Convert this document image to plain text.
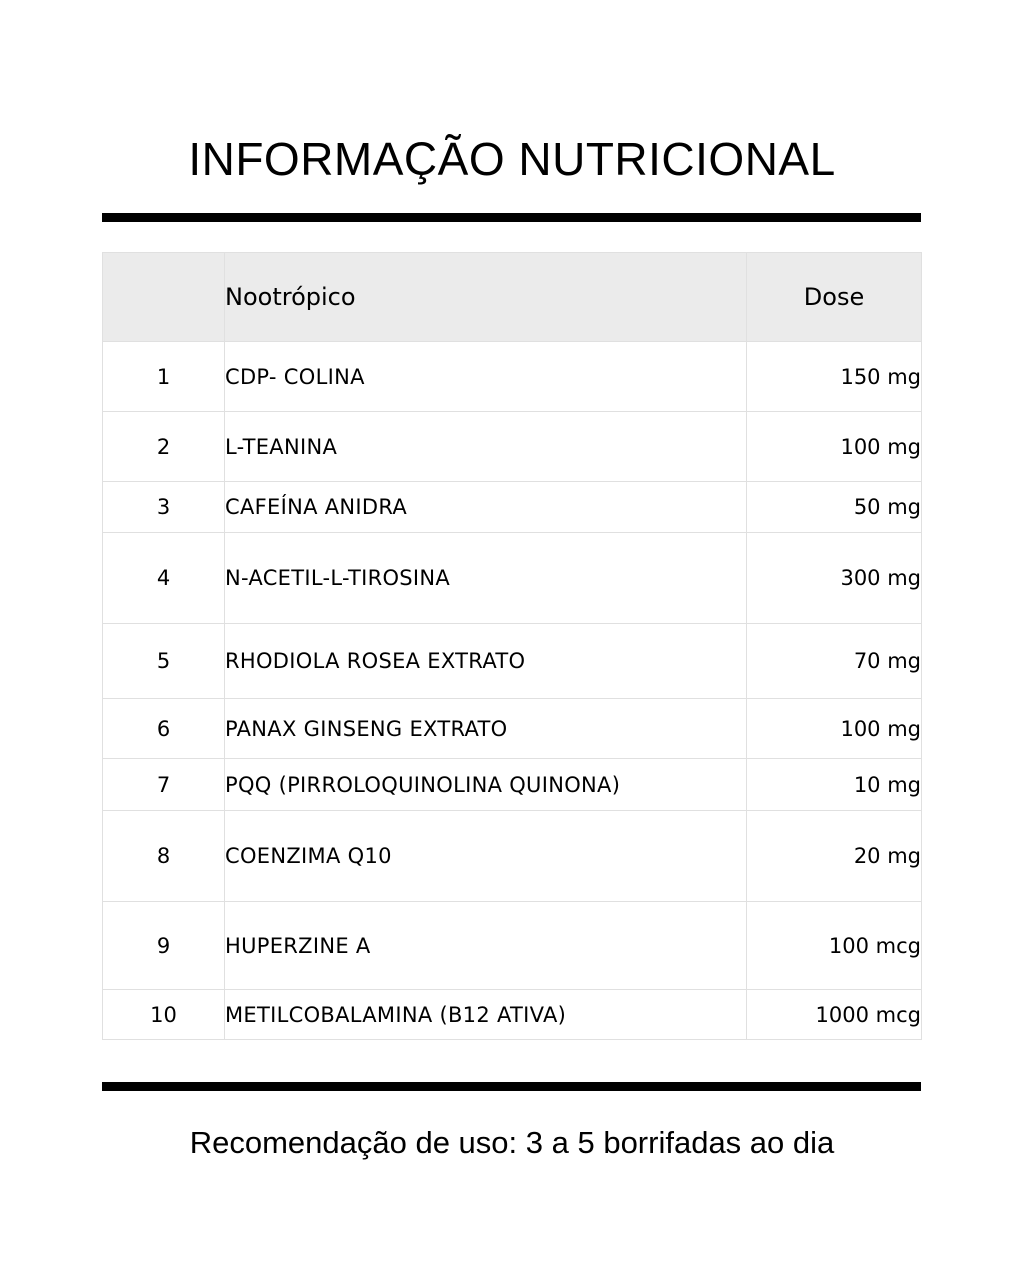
INFORMAÇÃO NUTRICIONAL
	Nootrópico	Dose
1	CDP- COLINA	150 mg
2	L-TEANINA	100 mg
3	CAFEÍNA ANIDRA	50 mg
4	N-ACETIL-L-TIROSINA	300 mg
5	RHODIOLA ROSEA EXTRATO	70 mg
6	PANAX GINSENG EXTRATO	100 mg
7	PQQ (PIRROLOQUINOLINA QUINONA)	10 mg
8	COENZIMA Q10	20 mg
9	HUPERZINE A	100 mcg
10	METILCOBALAMINA (B12 ATIVA)	1000 mcg

Recomendação de uso: 3 a 5 borrifadas ao dia
